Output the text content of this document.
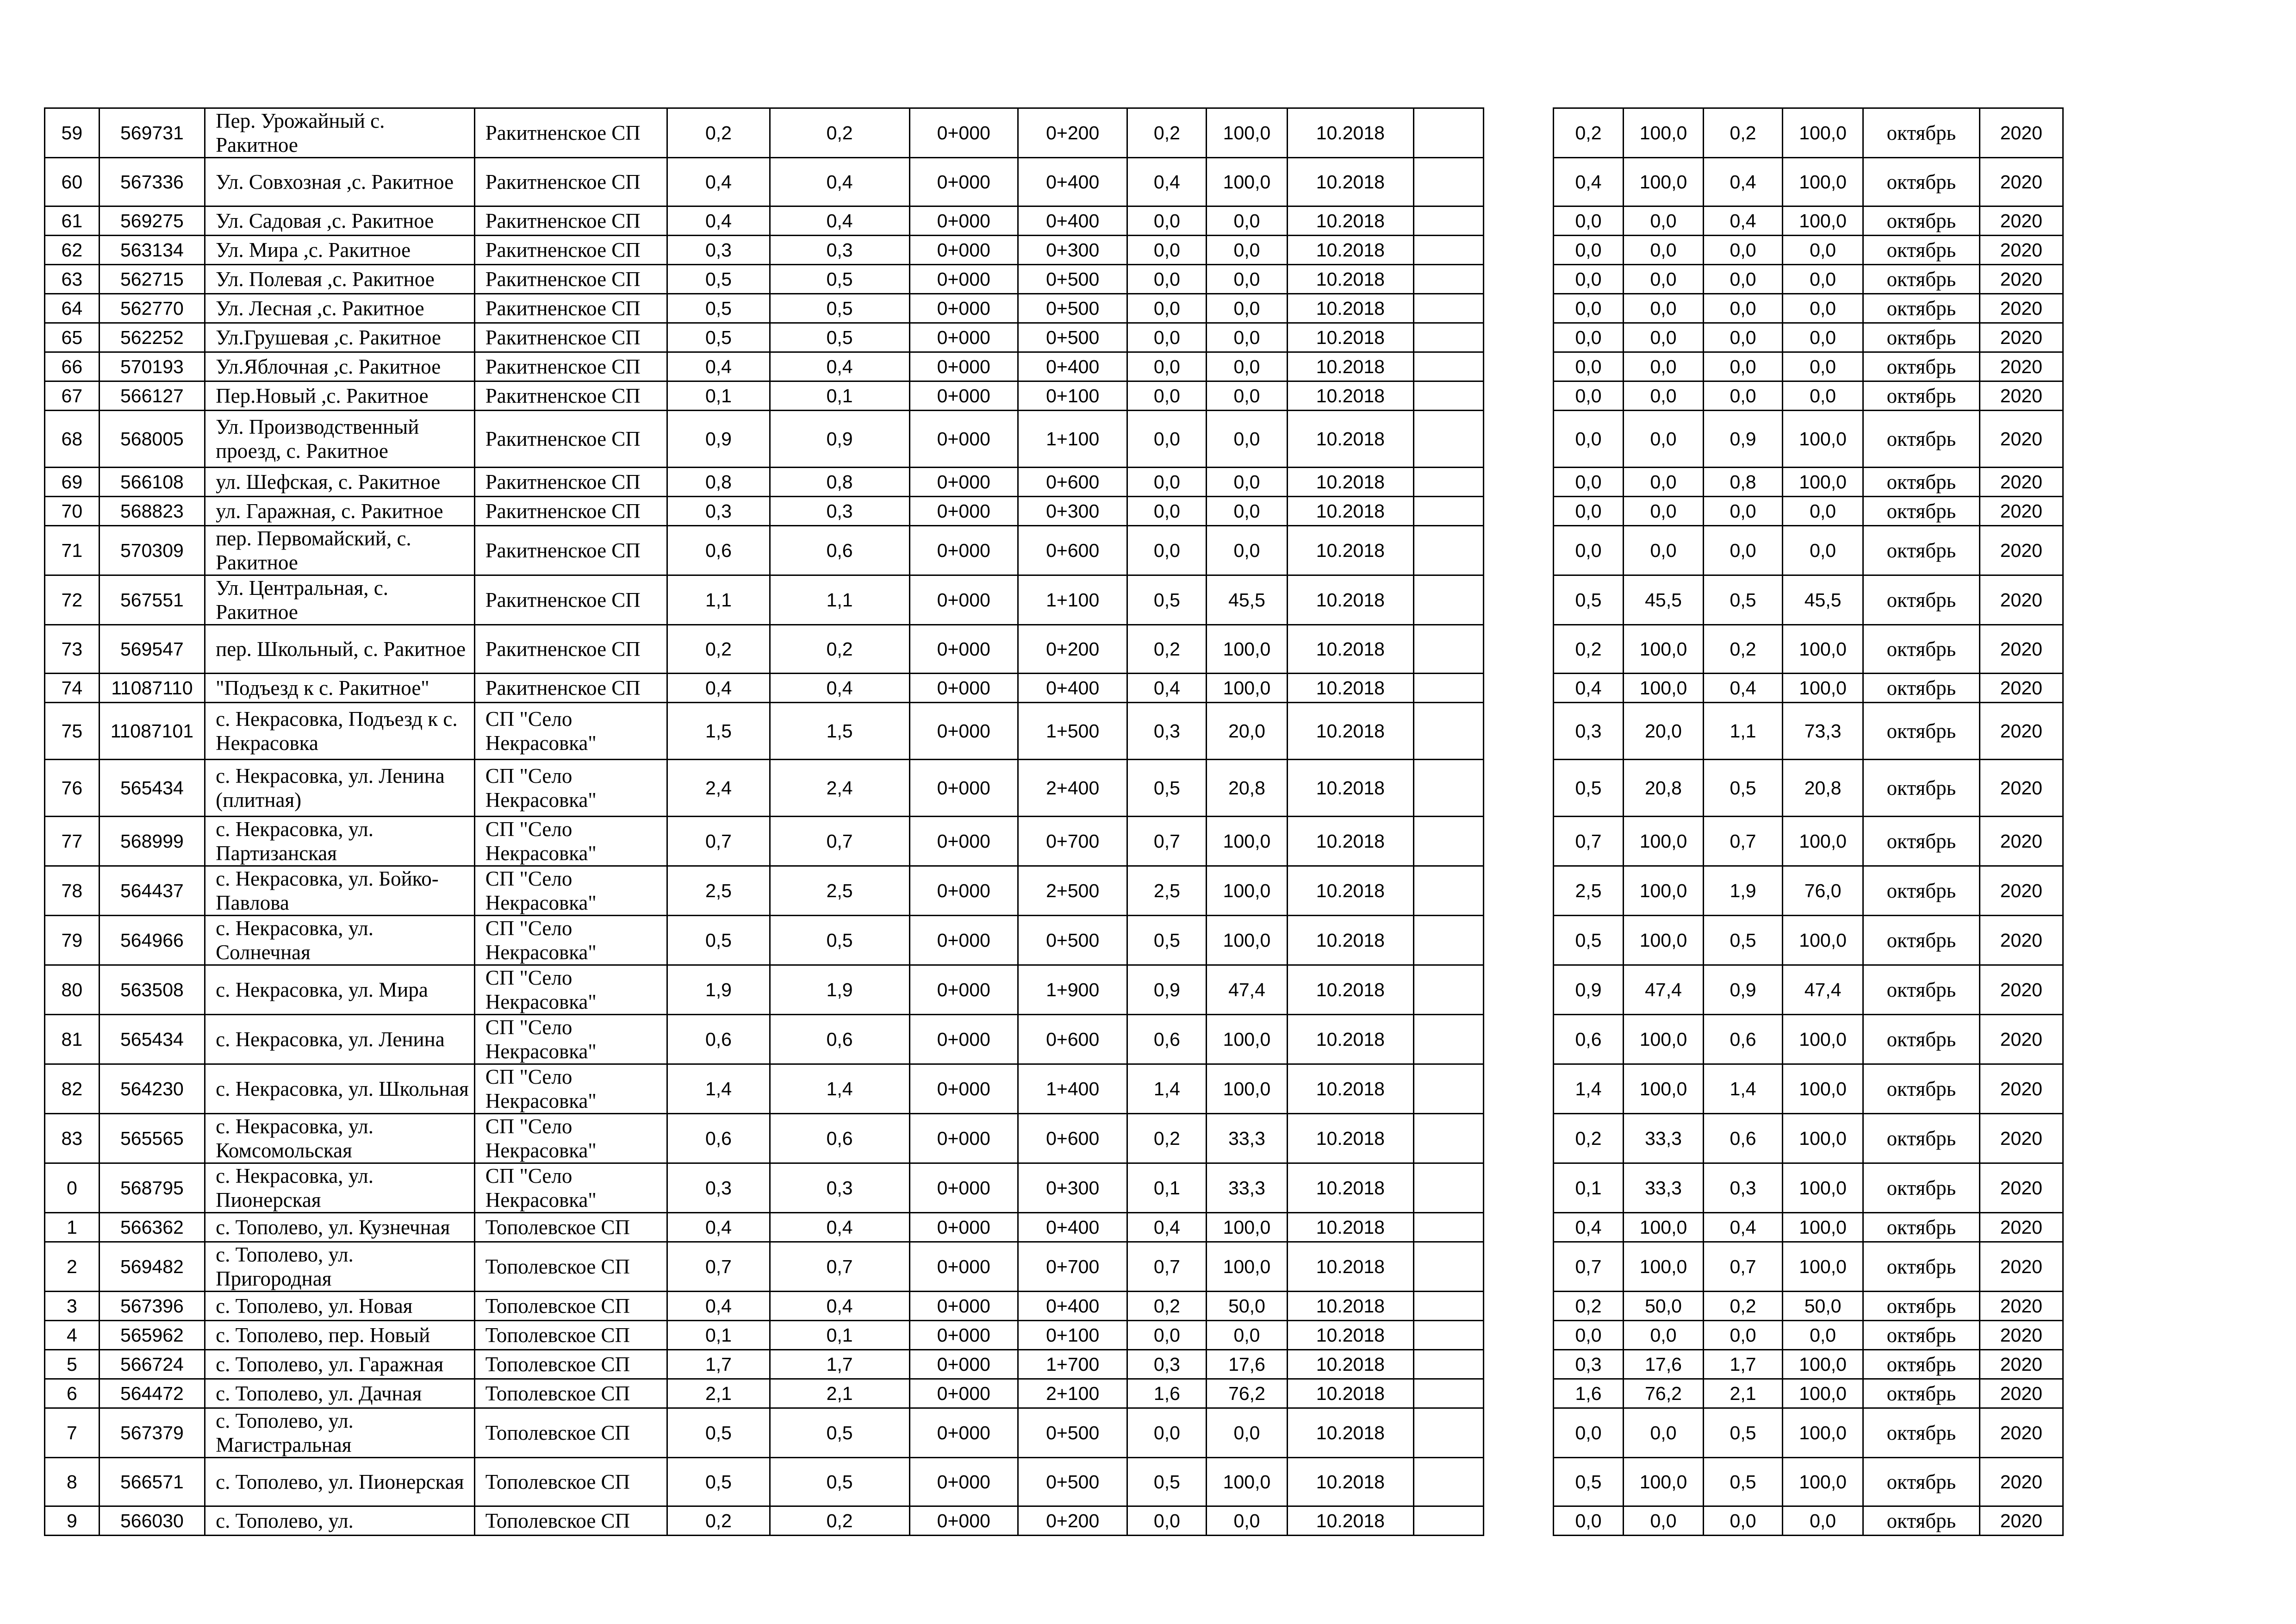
59	569731	Пер. Урожайный с. Ракитное	Ракитненское СП	0,2	0,2	0+000	0+200	0,2	100,0	10.2018			0,2	100,0	0,2	100,0	октябрь	2020
60	567336	Ул. Совхозная ,с. Ракитное	Ракитненское СП	0,4	0,4	0+000	0+400	0,4	100,0	10.2018			0,4	100,0	0,4	100,0	октябрь	2020
61	569275	Ул. Садовая ,с. Ракитное	Ракитненское СП	0,4	0,4	0+000	0+400	0,0	0,0	10.2018			0,0	0,0	0,4	100,0	октябрь	2020
62	563134	Ул. Мира ,с. Ракитное	Ракитненское СП	0,3	0,3	0+000	0+300	0,0	0,0	10.2018			0,0	0,0	0,0	0,0	октябрь	2020
63	562715	Ул. Полевая ,с. Ракитное	Ракитненское СП	0,5	0,5	0+000	0+500	0,0	0,0	10.2018			0,0	0,0	0,0	0,0	октябрь	2020
64	562770	Ул. Лесная ,с. Ракитное	Ракитненское СП	0,5	0,5	0+000	0+500	0,0	0,0	10.2018			0,0	0,0	0,0	0,0	октябрь	2020
65	562252	Ул.Грушевая ,с. Ракитное	Ракитненское СП	0,5	0,5	0+000	0+500	0,0	0,0	10.2018			0,0	0,0	0,0	0,0	октябрь	2020
66	570193	Ул.Яблочная ,с. Ракитное	Ракитненское СП	0,4	0,4	0+000	0+400	0,0	0,0	10.2018			0,0	0,0	0,0	0,0	октябрь	2020
67	566127	Пер.Новый ,с. Ракитное	Ракитненское СП	0,1	0,1	0+000	0+100	0,0	0,0	10.2018			0,0	0,0	0,0	0,0	октябрь	2020
68	568005	Ул. Производственный проезд, с. Ракитное	Ракитненское СП	0,9	0,9	0+000	1+100	0,0	0,0	10.2018			0,0	0,0	0,9	100,0	октябрь	2020
69	566108	ул. Шефская, с. Ракитное	Ракитненское СП	0,8	0,8	0+000	0+600	0,0	0,0	10.2018			0,0	0,0	0,8	100,0	октябрь	2020
70	568823	ул. Гаражная, с. Ракитное	Ракитненское СП	0,3	0,3	0+000	0+300	0,0	0,0	10.2018			0,0	0,0	0,0	0,0	октябрь	2020
71	570309	пер. Первомайский, с. Ракитное	Ракитненское СП	0,6	0,6	0+000	0+600	0,0	0,0	10.2018			0,0	0,0	0,0	0,0	октябрь	2020
72	567551	Ул. Центральная, с. Ракитное	Ракитненское СП	1,1	1,1	0+000	1+100	0,5	45,5	10.2018			0,5	45,5	0,5	45,5	октябрь	2020
73	569547	пер. Школьный, с. Ракитное	Ракитненское СП	0,2	0,2	0+000	0+200	0,2	100,0	10.2018			0,2	100,0	0,2	100,0	октябрь	2020
74	11087110	"Подъезд к с. Ракитное"	Ракитненское СП	0,4	0,4	0+000	0+400	0,4	100,0	10.2018			0,4	100,0	0,4	100,0	октябрь	2020
75	11087101	с. Некрасовка, Подъезд к с. Некрасовка	СП "Село Некрасовка"	1,5	1,5	0+000	1+500	0,3	20,0	10.2018			0,3	20,0	1,1	73,3	октябрь	2020
76	565434	с. Некрасовка, ул. Ленина (плитная)	СП "Село Некрасовка"	2,4	2,4	0+000	2+400	0,5	20,8	10.2018			0,5	20,8	0,5	20,8	октябрь	2020
77	568999	с. Некрасовка, ул. Партизанская	СП "Село Некрасовка"	0,7	0,7	0+000	0+700	0,7	100,0	10.2018			0,7	100,0	0,7	100,0	октябрь	2020
78	564437	с. Некрасовка, ул. Бойко-Павлова	СП "Село Некрасовка"	2,5	2,5	0+000	2+500	2,5	100,0	10.2018			2,5	100,0	1,9	76,0	октябрь	2020
79	564966	с. Некрасовка, ул. Солнечная	СП "Село Некрасовка"	0,5	0,5	0+000	0+500	0,5	100,0	10.2018			0,5	100,0	0,5	100,0	октябрь	2020
80	563508	с. Некрасовка, ул. Мира	СП "Село Некрасовка"	1,9	1,9	0+000	1+900	0,9	47,4	10.2018			0,9	47,4	0,9	47,4	октябрь	2020
81	565434	с. Некрасовка, ул. Ленина	СП "Село Некрасовка"	0,6	0,6	0+000	0+600	0,6	100,0	10.2018			0,6	100,0	0,6	100,0	октябрь	2020
82	564230	с. Некрасовка, ул. Школьная	СП "Село Некрасовка"	1,4	1,4	0+000	1+400	1,4	100,0	10.2018			1,4	100,0	1,4	100,0	октябрь	2020
83	565565	с. Некрасовка, ул. Комсомольская	СП "Село Некрасовка"	0,6	0,6	0+000	0+600	0,2	33,3	10.2018			0,2	33,3	0,6	100,0	октябрь	2020
0	568795	с. Некрасовка, ул. Пионерская	СП "Село Некрасовка"	0,3	0,3	0+000	0+300	0,1	33,3	10.2018			0,1	33,3	0,3	100,0	октябрь	2020
1	566362	с. Тополево, ул. Кузнечная	Тополевское СП	0,4	0,4	0+000	0+400	0,4	100,0	10.2018			0,4	100,0	0,4	100,0	октябрь	2020
2	569482	с. Тополево, ул. Пригородная	Тополевское СП	0,7	0,7	0+000	0+700	0,7	100,0	10.2018			0,7	100,0	0,7	100,0	октябрь	2020
3	567396	с. Тополево, ул. Новая	Тополевское СП	0,4	0,4	0+000	0+400	0,2	50,0	10.2018			0,2	50,0	0,2	50,0	октябрь	2020
4	565962	с. Тополево, пер. Новый	Тополевское СП	0,1	0,1	0+000	0+100	0,0	0,0	10.2018			0,0	0,0	0,0	0,0	октябрь	2020
5	566724	с. Тополево, ул. Гаражная	Тополевское СП	1,7	1,7	0+000	1+700	0,3	17,6	10.2018			0,3	17,6	1,7	100,0	октябрь	2020
6	564472	с. Тополево, ул. Дачная	Тополевское СП	2,1	2,1	0+000	2+100	1,6	76,2	10.2018			1,6	76,2	2,1	100,0	октябрь	2020
7	567379	с. Тополево, ул. Магистральная	Тополевское СП	0,5	0,5	0+000	0+500	0,0	0,0	10.2018			0,0	0,0	0,5	100,0	октябрь	2020
8	566571	с. Тополево, ул. Пионерская	Тополевское СП	0,5	0,5	0+000	0+500	0,5	100,0	10.2018			0,5	100,0	0,5	100,0	октябрь	2020
9	566030	с. Тополево, ул.	Тополевское СП	0,2	0,2	0+000	0+200	0,0	0,0	10.2018			0,0	0,0	0,0	0,0	октябрь	2020
